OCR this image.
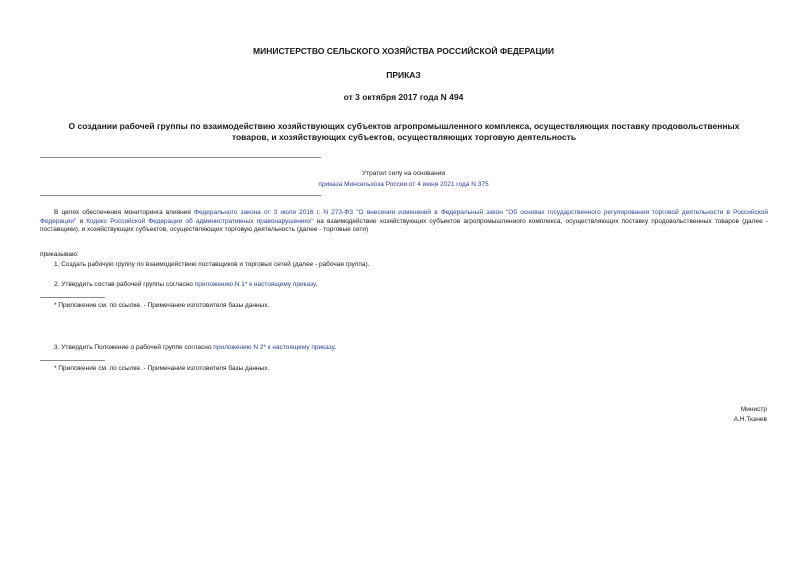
МИНИСТЕРСТВО СЕЛЬСКОГО ХОЗЯЙСТВА РОССИЙСКОЙ ФЕДЕРАЦИИ
ПРИКАЗ
от 3 октября 2017 года N 494
О создании рабочей группы по взаимодействию хозяйствующих субъектов агропромышленного комплекса, осуществляющих поставку продовольственных
товаров, и хозяйствующих субъектов, осуществляющих торговую деятельность
Утратил силу на основании
приказа Минсельхоза России от 4 июня 2021 года N 375
В целях обеспечения мониторинга влияния Федерального закона от 3 июля 2016 г. N 273-ФЗ "О внесении изменений в Федеральный закон "Об основах государственного регулирования торговой деятельности в Российской Федерации" и Кодекс Российской Федерации об административных правонарушениях" на взаимодействие хозяйствующих субъектов агропромышленного комплекса, осуществляющих поставку продовольственных товаров (далее - поставщики), и хозяйствующих субъектов, осуществляющих торговую деятельность (далее - торговые сети)
приказываю:
1. Создать рабочую группу по взаимодействию поставщиков и торговых сетей (далее - рабочая группа).
2. Утвердить состав рабочей группы согласно приложению N 1* к настоящему приказу.
* Приложение см. по ссылке. - Примечание изготовителя базы данных.
3. Утвердить Положение о рабочей группе согласно приложению N 2* к настоящему приказу.
* Приложение см. по ссылке. - Примечание изготовителя базы данных.
Министр
А.Н.Ткачев
